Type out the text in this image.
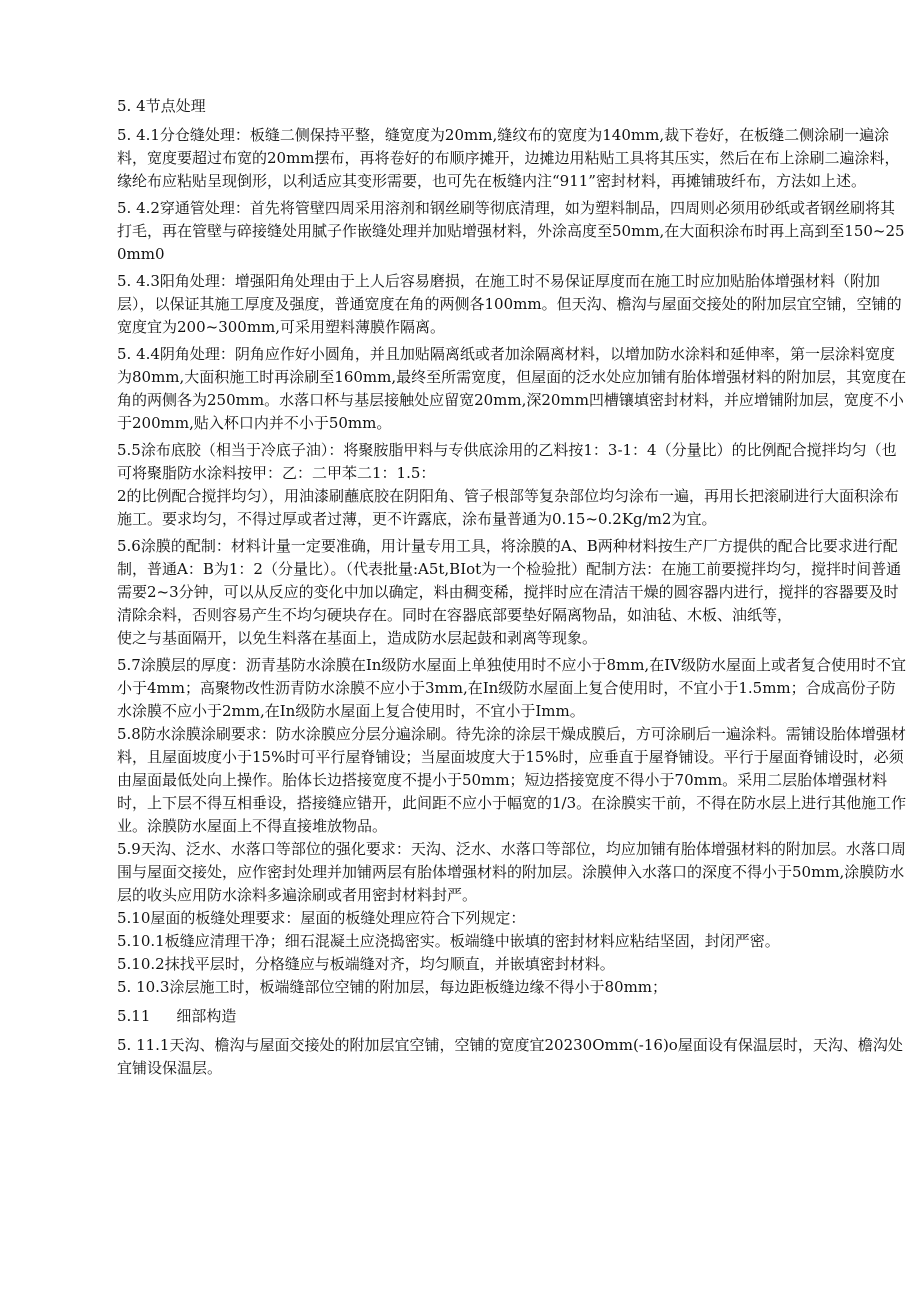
5. 4节点处理

5. 4.1分仓缝处理：板缝二侧保持平整，缝宽度为20mm,缝纹布的宽度为140mm,裁下卷好，在板缝二侧涂刷一遍涂料，宽度要超过布宽的20mm摆布，再将卷好的布顺序摊开，边摊边用粘贴工具将其压实，然后在布上涂刷二遍涂料，缘纶布应粘贴呈现倒形，以利适应其变形需要，也可先在板缝内注“911”密封材料，再摊铺玻纤布，方法如上述。

5. 4.2穿通管处理：首先将管壁四周采用溶剂和钢丝刷等彻底清理，如为塑料制品，四周则必须用砂纸或者钢丝刷将其打毛，再在管壁与碎接缝处用腻子作嵌缝处理并加贴增强材料，外涂高度至50mm,在大面积涂布时再上高到至150~250mm0

5. 4.3阳角处理：增强阳角处理由于上人后容易磨损，在施工时不易保证厚度而在施工时应加贴胎体增强材料（附加层），以保证其施工厚度及强度，普通宽度在角的两侧各100mm。但天沟、檐沟与屋面交接处的附加层宜空铺，空铺的宽度宜为200~300mm,可采用塑料薄膜作隔离。

5. 4.4阴角处理：阴角应作好小圆角，并且加贴隔离纸或者加涂隔离材料，以增加防水涂料和延伸率，第一层涂料宽度为80mm,大面积施工时再涂刷至160mm,最终至所需宽度，但屋面的泛水处应加铺有胎体增强材料的附加层，其宽度在角的两侧各为250mm。水落口杯与基层接触处应留宽20mm,深20mm凹槽镶填密封材料，并应增铺附加层，宽度不小于200mm,贴入杯口内并不小于50mm。

5.5涂布底胶（相当于冷底子油）：将聚胺脂甲料与专供底涂用的乙料按1：3-1：4（分量比）的比例配合搅拌均匀（也可将聚脂防水涂料按甲：乙：二甲苯二1：1.5：

2的比例配合搅拌均匀），用油漆刷蘸底胶在阴阳角、管子根部等复杂部位均匀涂布一遍，再用长把滚刷进行大面积涂布施工。要求均匀，不得过厚或者过薄，更不许露底，涂布量普通为0.15~0.2Kg∕m2为宜。

5.6涂膜的配制：材料计量一定要准确，用计量专用工具，将涂膜的A、B两种材料按生产厂方提供的配合比要求进行配制，普通A：B为1：2（分量比）。（代表批量:A5t,BIot为一个检验批）配制方法：在施工前要搅拌均匀，搅拌时间普通需要2~3分钟，可以从反应的变化中加以确定，料由稠变稀，搅拌时应在清洁干燥的圆容器内进行，搅拌的容器要及时清除余料，否则容易产生不均匀硬块存在。同时在容器底部要垫好隔离物品，如油毡、木板、油纸等，

使之与基面隔开，以免生料落在基面上，造成防水层起鼓和剥离等现象。

5.7涂膜层的厚度：沥青基防水涂膜在In级防水屋面上单独使用时不应小于8mm,在IV级防水屋面上或者复合使用时不宜小于4mm；高聚物改性沥青防水涂膜不应小于3mm,在In级防水屋面上复合使用时，不宜小于1.5mm；合成高份子防水涂膜不应小于2mm,在In级防水屋面上复合使用时，不宜小于Imm。

5.8防水涂膜涂刷要求：防水涂膜应分层分遍涂刷。待先涂的涂层干燥成膜后，方可涂刷后一遍涂料。需铺设胎体增强材料，且屋面坡度小于15%时可平行屋脊铺设；当屋面坡度大于15%时，应垂直于屋脊铺设。平行于屋面脊铺设时，必须由屋面最低处向上操作。胎体长边搭接宽度不提小于50mm；短边搭接宽度不得小于70mm。采用二层胎体增强材料时，上下层不得互相垂设，搭接缝应错开，此间距不应小于幅宽的1/3。在涂膜实干前，不得在防水层上进行其他施工作业。涂膜防水屋面上不得直接堆放物品。

5.9天沟、泛水、水落口等部位的强化要求：天沟、泛水、水落口等部位，均应加铺有胎体增强材料的附加层。水落口周围与屋面交接处，应作密封处理并加铺两层有胎体增强材料的附加层。涂膜伸入水落口的深度不得小于50mm,涂膜防水层的收头应用防水涂料多遍涂刷或者用密封材料封严。

5.10屋面的板缝处理要求：屋面的板缝处理应符合下列规定：

5.10.1板缝应清理干净；细石混凝土应浇捣密实。板端缝中嵌填的密封材料应粘结坚固，封闭严密。

5.10.2抹找平层时，分格缝应与板端缝对齐，均匀顺直，并嵌填密封材料。

5. 10.3涂层施工时，板端缝部位空铺的附加层，每边距板缝边缘不得小于80mm；

5.11 细部构造

5. 11.1天沟、檐沟与屋面交接处的附加层宜空铺，空铺的宽度宜20230Omm(-16)o屋面设有保温层时，天沟、檐沟处宜铺设保温层。
